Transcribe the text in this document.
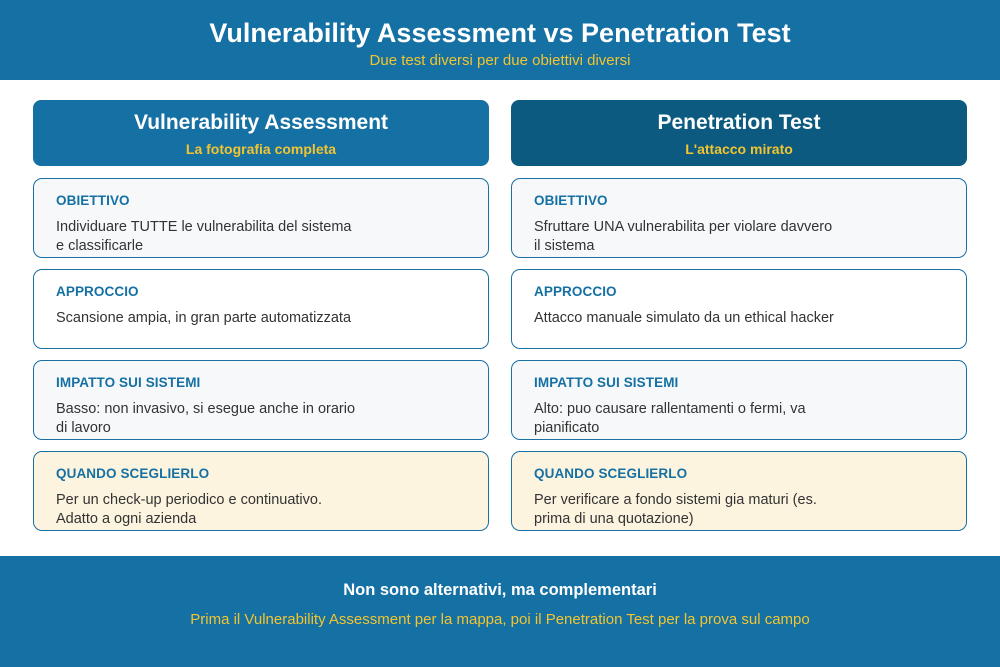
Vulnerability Assessment vs Penetration Test
Due test diversi per due obiettivi diversi
Vulnerability Assessment
La fotografia completa
OBIETTIVO
Individuare TUTTE le vulnerabilita del sistema e classificarle
APPROCCIO
Scansione ampia, in gran parte automatizzata
IMPATTO SUI SISTEMI
Basso: non invasivo, si esegue anche in orario di lavoro
QUANDO SCEGLIERLO
Per un check-up periodico e continuativo. Adatto a ogni azienda
Penetration Test
L'attacco mirato
OBIETTIVO
Sfruttare UNA vulnerabilita per violare davvero il sistema
APPROCCIO
Attacco manuale simulato da un ethical hacker
IMPATTO SUI SISTEMI
Alto: puo causare rallentamenti o fermi, va pianificato
QUANDO SCEGLIERLO
Per verificare a fondo sistemi gia maturi (es. prima di una quotazione)
Non sono alternativi, ma complementari
Prima il Vulnerability Assessment per la mappa, poi il Penetration Test per la prova sul campo
